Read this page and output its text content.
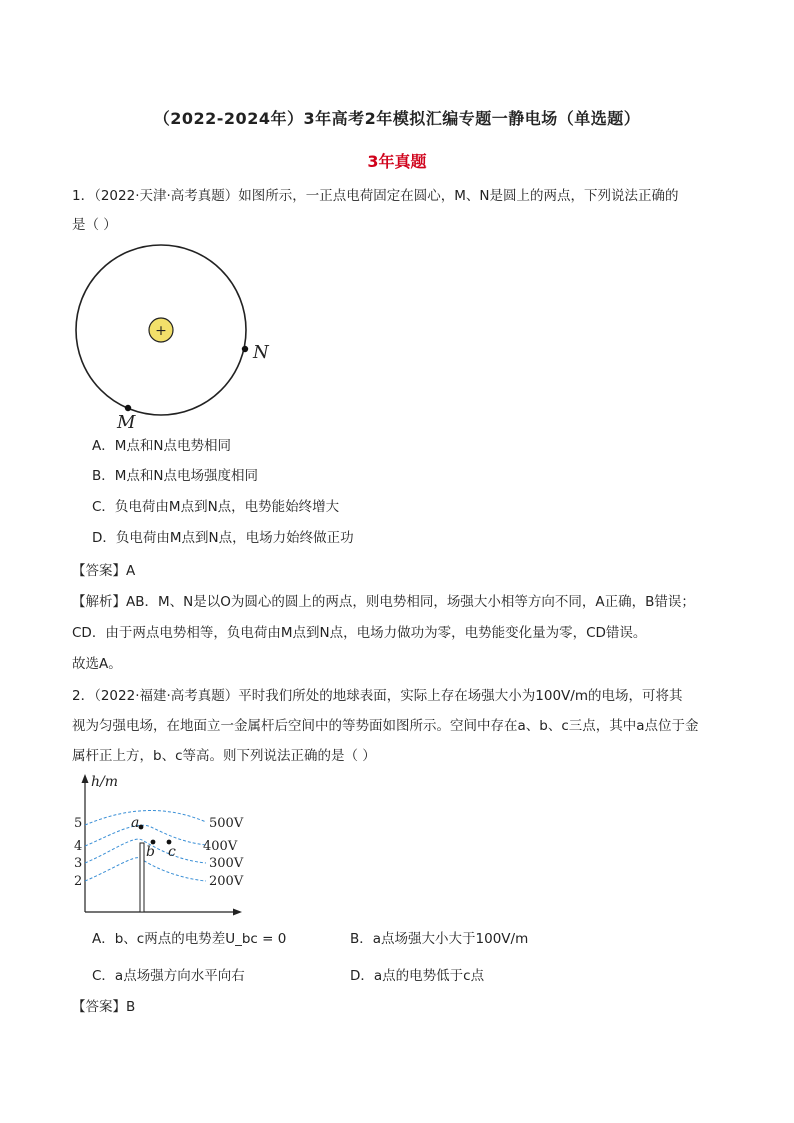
（2022-2024年）3年高考2年模拟汇编专题一静电场（单选题）
3年真题
1．（2022·天津·高考真题）如图所示，一正点电荷固定在圆心，M、N是圆上的两点，下列说法正确的
是（ ）
+
N
M
A．M点和N点电势相同
B．M点和N点电场强度相同
C．负电荷由M点到N点，电势能始终增大
D．负电荷由M点到N点，电场力始终做正功
【答案】A
【解析】AB．M、N是以O为圆心的圆上的两点，则电势相同，场强大小相等方向不同，A正确，B错误；
CD．由于两点电势相等，负电荷由M点到N点，电场力做功为零，电势能变化量为零，CD错误。
故选A。
2．（2022·福建·高考真题）平时我们所处的地球表面，实际上存在场强大小为100V/m的电场，可将其
视为匀强电场，在地面立一金属杆后空间中的等势面如图所示。空间中存在a、b、c三点，其中a点位于金
属杆正上方，b、c等高。则下列说法正确的是（ ）
h/m
5
4
3
2
500V
400V
300V
200V
a
b c
A．b、c两点的电势差U_bc = 0	B．a点场强大小大于100V/m
C．a点场强方向水平向右	D．a点的电势低于c点
【答案】B
